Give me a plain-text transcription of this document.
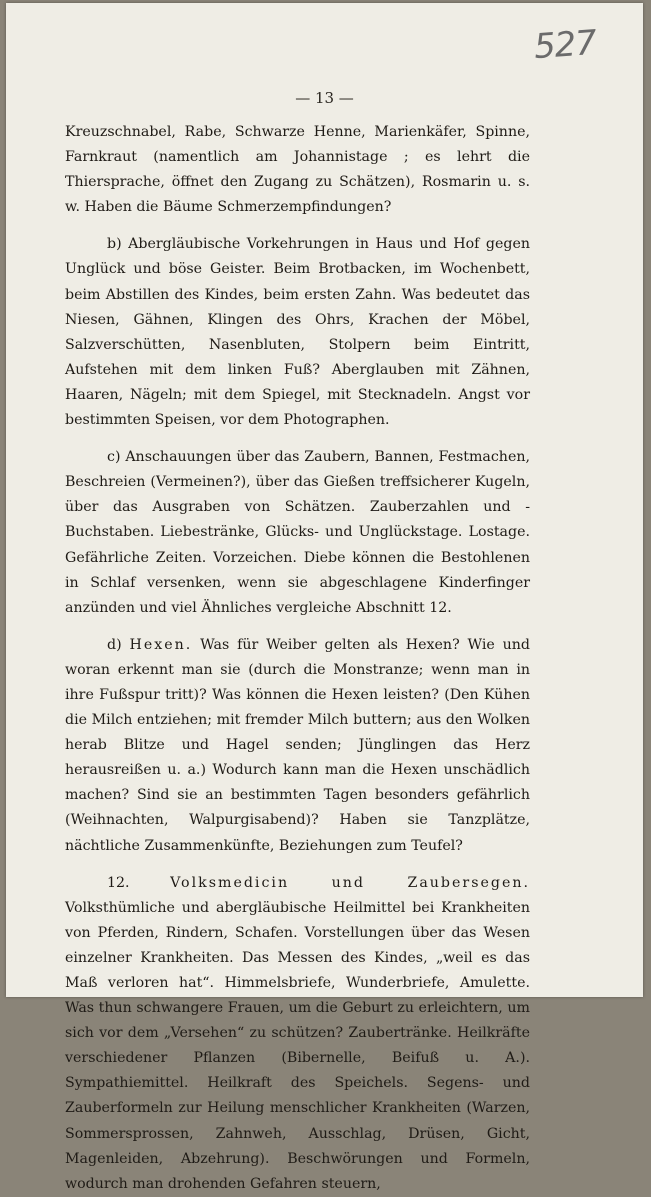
527
— 13 —

Kreuzschnabel, Rabe, Schwarze Henne, Marienkäfer, Spinne, Farnkraut (namentlich am Johannistage ; es lehrt die Thiersprache, öffnet den Zugang zu Schätzen), Rosmarin u. s. w. Haben die Bäume Schmerzempfindungen?

b) Abergläubische Vorkehrungen in Haus und Hof gegen Unglück und böse Geister. Beim Brotbacken, im Wochenbett, beim Abstillen des Kindes, beim ersten Zahn. Was bedeutet das Niesen, Gähnen, Klingen des Ohrs, Krachen der Möbel, Salzverschütten, Nasenbluten, Stolpern beim Eintritt, Aufstehen mit dem linken Fuß? Aberglauben mit Zähnen, Haaren, Nägeln; mit dem Spiegel, mit Stecknadeln. Angst vor bestimmten Speisen, vor dem Photographen.

c) Anschauungen über das Zaubern, Bannen, Festmachen, Beschreien (Vermeinen?), über das Gießen treffsicherer Kugeln, über das Ausgraben von Schätzen. Zauberzahlen und -Buchstaben. Liebestränke, Glücks- und Unglückstage. Lostage. Gefährliche Zeiten. Vorzeichen. Diebe können die Bestohlenen in Schlaf versenken, wenn sie abgeschlagene Kinderfinger anzünden und viel Ähnliches vergleiche Abschnitt 12.

d) Hexen. Was für Weiber gelten als Hexen? Wie und woran erkennt man sie (durch die Monstranze; wenn man in ihre Fußspur tritt)? Was können die Hexen leisten? (Den Kühen die Milch entziehen; mit fremder Milch buttern; aus den Wolken herab Blitze und Hagel senden; Jünglingen das Herz herausreißen u. a.) Wodurch kann man die Hexen unschädlich machen? Sind sie an bestimmten Tagen besonders gefährlich (Weihnachten, Walpurgisabend)? Haben sie Tanzplätze, nächtliche Zusammenkünfte, Beziehungen zum Teufel?

12. Volksmedicin und Zaubersegen. Volksthümliche und abergläubische Heilmittel bei Krankheiten von Pferden, Rindern, Schafen. Vorstellungen über das Wesen einzelner Krankheiten. Das Messen des Kindes, „weil es das Maß verloren hat“. Himmelsbriefe, Wunderbriefe, Amulette. Was thun schwangere Frauen, um die Geburt zu erleichtern, um sich vor dem „Versehen“ zu schützen? Zaubertränke. Heilkräfte verschiedener Pflanzen (Bibernelle, Beifuß u. A.). Sympathiemittel. Heilkraft des Speichels. Segens- und Zauberformeln zur Heilung menschlicher Krankheiten (Warzen, Sommersprossen, Zahnweh, Ausschlag, Drüsen, Gicht, Magenleiden, Abzehrung). Beschwörungen und Formeln, wodurch man drohenden Gefahren steuern,
